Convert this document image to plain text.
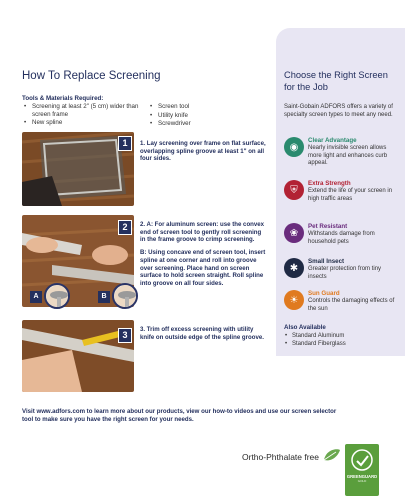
How To Replace Screening
Tools & Materials Required:
• Screening at least 2" (5 cm) wider than screen frame
• New spline
• Screen tool
• Utility knife
• Screwdriver
1
2
A	B
3

1. Lay screening over frame on flat surface, overlapping spline groove at least 1" on all four sides.

2. A: For aluminum screen: use the convex end of screen tool to gently roll screening in the frame groove to crimp screening.

B: Using concave end of screen tool, insert spline at one corner and roll into groove over screening. Place hand on screen surface to hold screen straight. Roll spline into groove on all four sides.

3. Trim off excess screening with utility knife on outside edge of the spline groove.

Choose the Right Screen for the Job
Saint-Gobain ADFORS offers a variety of specialty screen types to meet any need.
◉
Clear Advantage
Nearly invisible screen allows more light and enhances curb appeal.
⛨
Extra Strength
Extend the life of your screen in high traffic areas
❀
Pet Resistant
Withstands damage from household pets
✱
Small Insect
Greater protection from tiny insects
☀
Sun Guard
Controls the damaging effects of the sun
Also Available
• Standard Aluminum
• Standard Fiberglass
Visit www.adfors.com to learn more about our products, view our how-to videos and use our screen selector tool to make sure you have the right screen for your needs.
Ortho-Phthalate free
GREENGUARD
GOLD
